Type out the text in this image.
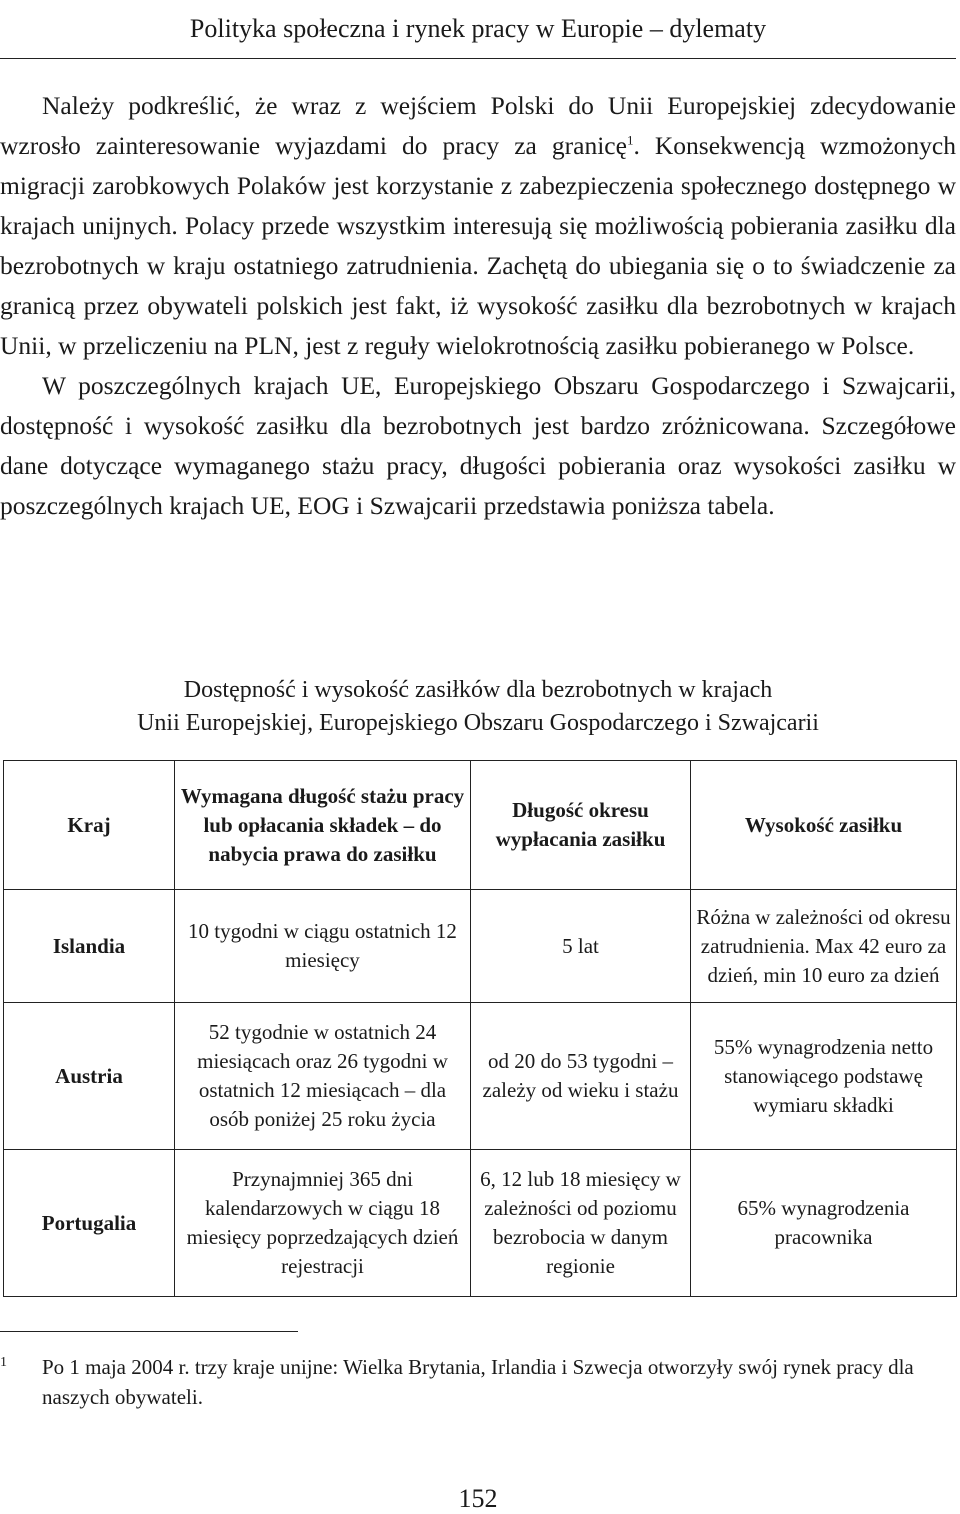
Polityka społeczna i rynek pracy w Europie – dylematy

Należy podkreślić, że wraz z wejściem Polski do Unii Europejskiej zdecydowanie wzrosło zainteresowanie wyjazdami do pracy za granicę$^1$. Konsekwencją wzmożonych migracji zarobkowych Polaków jest korzystanie z zabezpieczenia społecznego dostępnego w krajach unijnych. Polacy przede wszystkim interesują się możliwością pobierania zasiłku dla bezrobotnych w kraju ostatniego zatrudnienia. Zachętą do ubiegania się o to świadczenie za granicą przez obywateli polskich jest fakt, iż wysokość zasiłku dla bezrobotnych w krajach Unii, w przeliczeniu na PLN, jest z reguły wielokrotnością zasiłku pobieranego w Polsce.

W poszczególnych krajach UE, Europejskiego Obszaru Gospodarczego i Szwajcarii, dostępność i wysokość zasiłku dla bezrobotnych jest bardzo zróżnicowana. Szczegółowe dane dotyczące wymaganego stażu pracy, długości pobierania oraz wysokości zasiłku w poszczególnych krajach UE, EOG i Szwajcarii przedstawia poniższa tabela.

Dostępność i wysokość zasiłków dla bezrobotnych w krajach
Unii Europejskiej, Europejskiego Obszaru Gospodarczego i Szwajcarii
Kraj	Wymagana długość stażu pracy lub opłacania składek – do nabycia prawa do zasiłku	Długość okresu wypłacania zasiłku	Wysokość zasiłku
Islandia	10 tygodni w ciągu ostatnich 12 miesięcy	5 lat	Różna w zależności od okresu zatrudnienia. Max 42 euro za dzień, min 10 euro za dzień
Austria	52 tygodnie w ostatnich 24 miesiącach oraz 26 tygodni w ostatnich 12 miesiącach – dla osób poniżej 25 roku życia	od 20 do 53 tygodni – zależy od wieku i stażu	55% wynagrodzenia netto stanowiącego podstawę wymiaru składki
Portugalia	Przynajmniej 365 dni kalendarzowych w ciągu 18 miesięcy poprzedzających dzień rejestracji	6, 12 lub 18 miesięcy w zależności od poziomu bezrobocia w danym regionie	65% wynagrodzenia pracownika
1 Po 1 maja 2004 r. trzy kraje unijne: Wielka Brytania, Irlandia i Szwecja otworzyły swój rynek pracy dla naszych obywateli.
152
